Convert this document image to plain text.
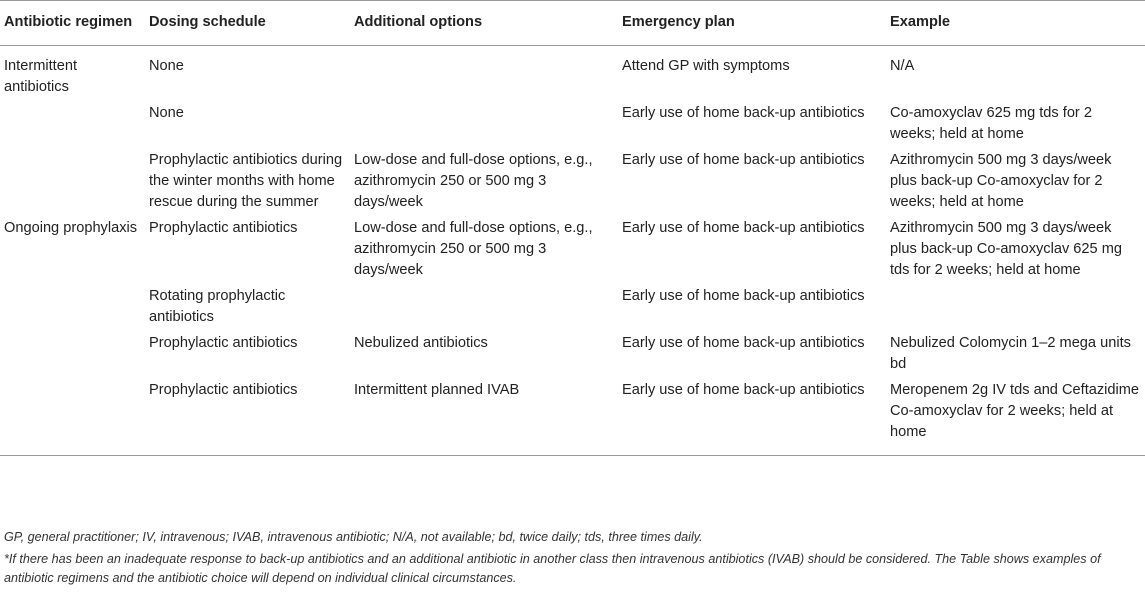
Antibiotic regimen	Dosing schedule	Additional options	Emergency plan	Example
Intermittent antibiotics	None		Attend GP with symptoms	N/A
	None		Early use of home back-up antibiotics	Co-amoxyclav 625 mg tds for 2 weeks; held at home
	Prophylactic antibiotics during the winter months with home rescue during the summer	Low-dose and full-dose options, e.g., azithromycin 250 or 500 mg 3 days/week	Early use of home back-up antibiotics	Azithromycin 500 mg 3 days/week plus back-up Co-amoxyclav for 2 weeks; held at home
Ongoing prophylaxis	Prophylactic antibiotics	Low-dose and full-dose options, e.g., azithromycin 250 or 500 mg 3 days/week	Early use of home back-up antibiotics	Azithromycin 500 mg 3 days/week plus back-up Co-amoxyclav 625 mg tds for 2 weeks; held at home
	Rotating prophylactic antibiotics		Early use of home back-up antibiotics	
	Prophylactic antibiotics	Nebulized antibiotics	Early use of home back-up antibiotics	Nebulized Colomycin 1–2 mega units bd
	Prophylactic antibiotics	Intermittent planned IVAB	Early use of home back-up antibiotics	Meropenem 2g IV tds and Ceftazidime Co-amoxyclav for 2 weeks; held at home

GP, general practitioner; IV, intravenous; IVAB, intravenous antibiotic; N/A, not available; bd, twice daily; tds, three times daily.

*If there has been an inadequate response to back-up antibiotics and an additional antibiotic in another class then intravenous antibiotics (IVAB) should be considered. The Table shows examples of antibiotic regimens and the antibiotic choice will depend on individual clinical circumstances.
